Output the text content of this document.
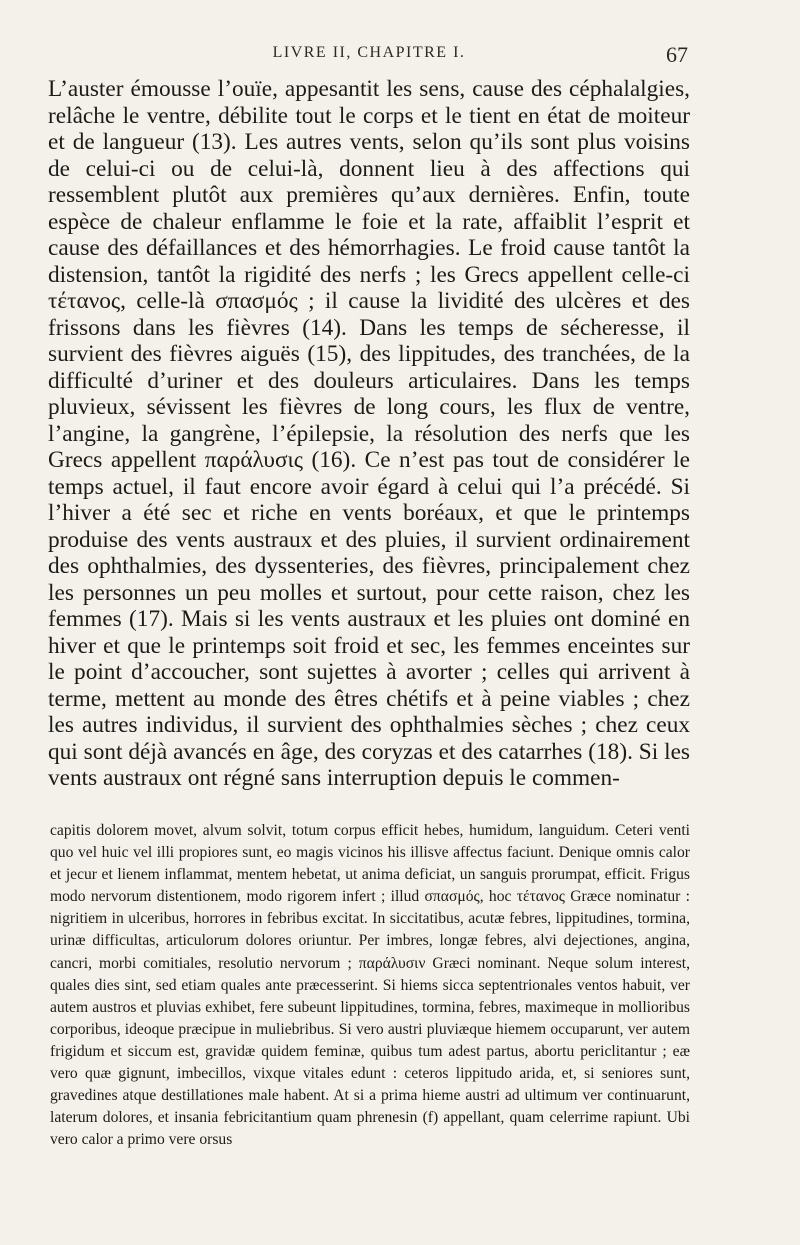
LIVRE II, CHAPITRE I.	67

L’auster émousse l’ouïe, appesantit les sens, cause des céphalalgies, relâche le ventre, débilite tout le corps et le tient en état de moiteur et de langueur (13). Les autres vents, selon qu’ils sont plus voisins de celui-ci ou de celui-là, donnent lieu à des affections qui ressemblent plutôt aux premières qu’aux dernières. Enfin, toute espèce de chaleur enflamme le foie et la rate, affaiblit l’esprit et cause des défaillances et des hémorrhagies. Le froid cause tantôt la distension, tantôt la rigidité des nerfs ; les Grecs appellent celle-ci τέτανος, celle-là σπασμός ; il cause la lividité des ulcères et des frissons dans les fièvres (14). Dans les temps de sécheresse, il survient des fièvres aiguës (15), des lippitudes, des tranchées, de la difficulté d’uriner et des douleurs articulaires. Dans les temps pluvieux, sévissent les fièvres de long cours, les flux de ventre, l’angine, la gangrène, l’épilepsie, la résolution des nerfs que les Grecs appellent παράλυσις (16). Ce n’est pas tout de considérer le temps actuel, il faut encore avoir égard à celui qui l’a précédé. Si l’hiver a été sec et riche en vents boréaux, et que le printemps produise des vents austraux et des pluies, il survient ordinairement des ophthalmies, des dyssenteries, des fièvres, principalement chez les personnes un peu molles et surtout, pour cette raison, chez les femmes (17). Mais si les vents austraux et les pluies ont dominé en hiver et que le printemps soit froid et sec, les femmes enceintes sur le point d’accoucher, sont sujettes à avorter ; celles qui arrivent à terme, mettent au monde des êtres chétifs et à peine viables ; chez les autres individus, il survient des ophthalmies sèches ; chez ceux qui sont déjà avancés en âge, des coryzas et des catarrhes (18). Si les vents austraux ont régné sans interruption depuis le commen-

capitis dolorem movet, alvum solvit, totum corpus efficit hebes, humidum, languidum. Ceteri venti quo vel huic vel illi propiores sunt, eo magis vicinos his illisve affectus faciunt. Denique omnis calor et jecur et lienem inflammat, mentem hebetat, ut anima deficiat, un sanguis prorumpat, efficit. Frigus modo nervorum distentionem, modo rigorem infert ; illud σπασμός, hoc τέτανος Græce nominatur : nigritiem in ulceribus, horrores in febribus excitat. In siccitatibus, acutæ febres, lippitudines, tormina, urinæ difficultas, articulorum dolores oriuntur. Per imbres, longæ febres, alvi dejectiones, angina, cancri, morbi comitiales, resolutio nervorum ; παράλυσιν Græci nominant. Neque solum interest, quales dies sint, sed etiam quales ante præcesserint. Si hiems sicca septentrionales ventos habuit, ver autem austros et pluvias exhibet, fere subeunt lippitudines, tormina, febres, maximeque in mollioribus corporibus, ideoque præcipue in muliebribus. Si vero austri pluviæque hiemem occuparunt, ver autem frigidum et siccum est, gravidæ quidem feminæ, quibus tum adest partus, abortu periclitantur ; eæ vero quæ gignunt, imbecillos, vixque vitales edunt : ceteros lippitudo arida, et, si seniores sunt, gravedines atque destillationes male habent. At si a prima hieme austri ad ultimum ver continuarunt, laterum dolores, et insania febricitantium quam phrenesin (f) appellant, quam celerrime rapiunt. Ubi vero calor a primo vere orsus
